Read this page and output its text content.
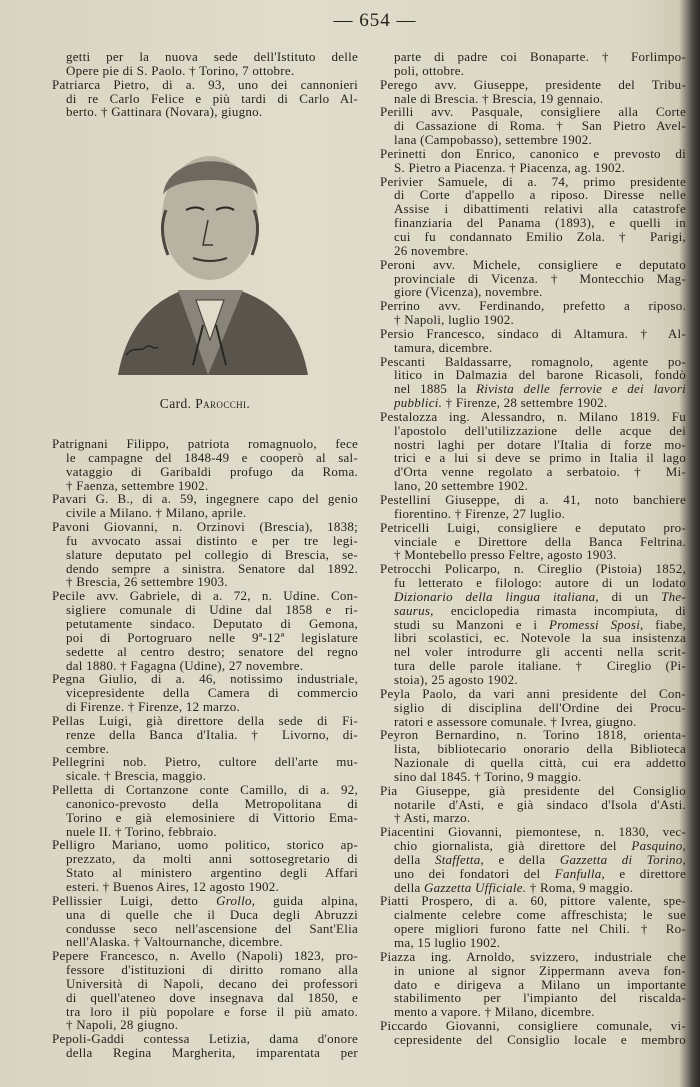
— 654 —
getti per la nuova sede dell'Istituto delle
Opere pie di S. Paolo. † Torino, 7 ottobre.
Patriarca Pietro, di a. 93, uno dei cannonieri
di re Carlo Felice e più tardi di Carlo Al-
berto. † Gattinara (Novara), giugno.
Card. Parocchi.
Patrignani Filippo, patriota romagnuolo, fece
le campagne del 1848-49 e cooperò al sal-
vataggio di Garibaldi profugo da Roma.
† Faenza, settembre 1902.
Pavari G. B., di a. 59, ingegnere capo del genio
civile a Milano. † Milano, aprile.
Pavoni Giovanni, n. Orzinovi (Brescia), 1838;
fu avvocato assai distinto e per tre legi-
slature deputato pel collegio di Brescia, se-
dendo sempre a sinistra. Senatore dal 1892.
† Brescia, 26 settembre 1903.
Pecile avv. Gabriele, di a. 72, n. Udine. Con-
sigliere comunale di Udine dal 1858 e ri-
petutamente sindaco. Deputato di Gemona,
poi di Portogruaro nelle 9ª-12ª legislature
sedette al centro destro; senatore del regno
dal 1880. † Fagagna (Udine), 27 novembre.
Pegna Giulio, di a. 46, notissimo industriale,
vicepresidente della Camera di commercio
di Firenze. † Firenze, 12 marzo.
Pellas Luigi, già direttore della sede di Fi-
renze della Banca d'Italia. † Livorno, di-
cembre.
Pellegrini nob. Pietro, cultore dell'arte mu-
sicale. † Brescia, maggio.
Pelletta di Cortanzone conte Camillo, di a. 92,
canonico-prevosto della Metropolitana di
Torino e già elemosiniere di Vittorio Ema-
nuele II. † Torino, febbraio.
Pelligro Mariano, uomo politico, storico ap-
prezzato, da molti anni sottosegretario di
Stato al ministero argentino degli Affari
esteri. † Buenos Aires, 12 agosto 1902.
Pellissier Luigi, detto Grollo, guida alpina,
una di quelle che il Duca degli Abruzzi
condusse seco nell'ascensione del Sant'Elia
nell'Alaska. † Valtournanche, dicembre.
Pepere Francesco, n. Avello (Napoli) 1823, pro-
fessore d'istituzioni di diritto romano alla
Università di Napoli, decano dei professori
di quell'ateneo dove insegnava dal 1850, e
tra loro il più popolare e forse il più amato.
† Napoli, 28 giugno.
Pepoli-Gaddi contessa Letizia, dama d'onore
della Regina Margherita, imparentata per
parte di padre coi Bonaparte. † Forlimpo-
poli, ottobre.
Perego avv. Giuseppe, presidente del Tribu-
nale di Brescia. † Brescia, 19 gennaio.
Perilli avv. Pasquale, consigliere alla Corte
di Cassazione di Roma. † San Pietro Avel-
lana (Campobasso), settembre 1902.
Perinetti don Enrico, canonico e prevosto di
S. Pietro a Piacenza. † Piacenza, ag. 1902.
Perivier Samuele, di a. 74, primo presidente
di Corte d'appello a riposo. Diresse nelle
Assise i dibattimenti relativi alla catastrofe
finanziaria del Panama (1893), e quelli in
cui fu condannato Emilio Zola. † Parigi,
26 novembre.
Peroni avv. Michele, consigliere e deputato
provinciale di Vicenza. † Montecchio Mag-
giore (Vicenza), novembre.
Perrino avv. Ferdinando, prefetto a riposo.
† Napoli, luglio 1902.
Persio Francesco, sindaco di Altamura. † Al-
tamura, dicembre.
Pescanti Baldassarre, romagnolo, agente po-
litico in Dalmazia del barone Ricasoli, fondò
nel 1885 la Rivista delle ferrovie e dei lavori
pubblici. † Firenze, 28 settembre 1902.
Pestalozza ing. Alessandro, n. Milano 1819. Fu
l'apostolo dell'utilizzazione delle acque dei
nostri laghi per dotare l'Italia di forze mo-
trici e a lui si deve se primo in Italia il lago
d'Orta venne regolato a serbatoio. † Mi-
lano, 20 settembre 1902.
Pestellini Giuseppe, di a. 41, noto banchiere
fiorentino. † Firenze, 27 luglio.
Petricelli Luigi, consigliere e deputato pro-
vinciale e Direttore della Banca Feltrina.
† Montebello presso Feltre, agosto 1903.
Petrocchi Policarpo, n. Cireglio (Pistoia) 1852,
fu letterato e filologo: autore di un lodato
Dizionario della lingua italiana, di un The-
saurus, enciclopedia rimasta incompiuta, di
studi su Manzoni e i Promessi Sposi, fiabe,
libri scolastici, ec. Notevole la sua insistenza
nel voler introdurre gli accenti nella scrit-
tura delle parole italiane. † Cireglio (Pi-
stoia), 25 agosto 1902.
Peyla Paolo, da vari anni presidente del Con-
siglio di disciplina dell'Ordine dei Procu-
ratori e assessore comunale. † Ivrea, giugno.
Peyron Bernardino, n. Torino 1818, orienta-
lista, bibliotecario onorario della Biblioteca
Nazionale di quella città, cui era addetto
sino dal 1845. † Torino, 9 maggio.
Pia Giuseppe, già presidente del Consiglio
notarile d'Asti, e già sindaco d'Isola d'Asti.
† Asti, marzo.
Piacentini Giovanni, piemontese, n. 1830, vec-
chio giornalista, già direttore del Pasquino,
della Staffetta, e della Gazzetta di Torino,
uno dei fondatori del Fanfulla, e direttore
della Gazzetta Ufficiale. † Roma, 9 maggio.
Piatti Prospero, di a. 60, pittore valente, spe-
cialmente celebre come affreschista; le sue
opere migliori furono fatte nel Chili. † Ro-
ma, 15 luglio 1902.
Piazza ing. Arnoldo, svizzero, industriale che
in unione al signor Zippermann aveva fon-
dato e dirigeva a Milano un importante
stabilimento per l'impianto del riscalda-
mento a vapore. † Milano, dicembre.
Piccardo Giovanni, consigliere comunale, vi-
cepresidente del Consiglio locale e membro
